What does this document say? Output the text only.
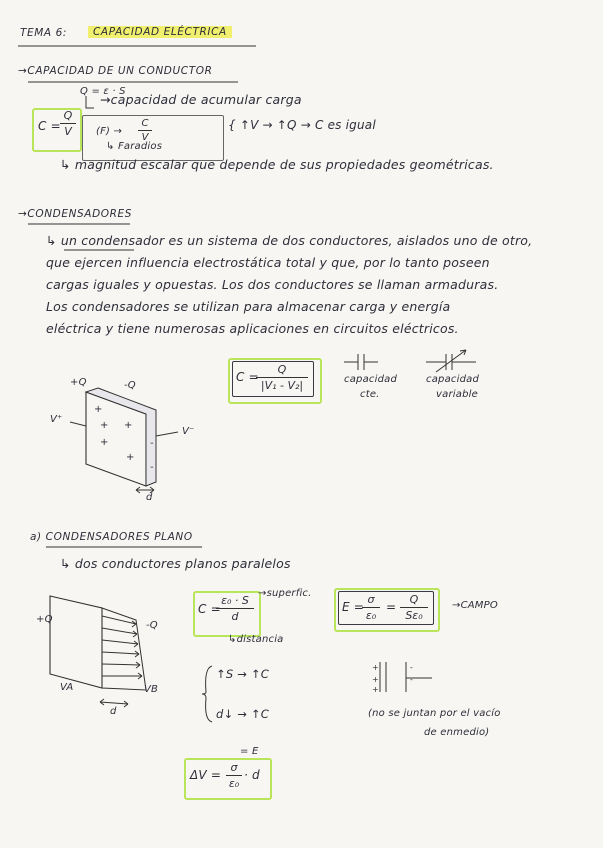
TEMA 6:	CAPACIDAD ELÉCTRICA
→CAPACIDAD DE UN CONDUCTOR
Q = ε · S
C =
Q
V
→capacidad de acumular carga
(F) →
C
V
↳ Faradios
{ ↑V → ↑Q → C es igual
↳ magnitud escalar que depende de sus propiedades geométricas.
→CONDENSADORES
↳ un condensador es un sistema de dos conductores, aislados uno de otro,
que ejercen influencia electrostática total y que, por lo tanto poseen
cargas iguales y opuestas. Los dos conductores se llaman armaduras.
Los condensadores se utilizan para almacenar carga y energía
eléctrica y tiene numerosas aplicaciones en circuitos eléctricos.
+Q	-Q
V⁺
V⁻
d
+
+ +
+
+
-
-
C =
Q
|V₁ - V₂|	capacidad
cte.
capacidad
variable
a) CONDENSADORES PLANO
↳ dos conductores planos paralelos
+Q
-Q
VA	VB
d
C =
ε₀ · S
d
→superfic.
↳distancia
E =
σ
ε₀
=
Q
Sε₀
→CAMPO
↑S → ↑C
d↓ → ↑C
+
+
+
-
-
(no se juntan por el vacío
de enmedio)
= E
ΔV =
σ
ε₀
· d
